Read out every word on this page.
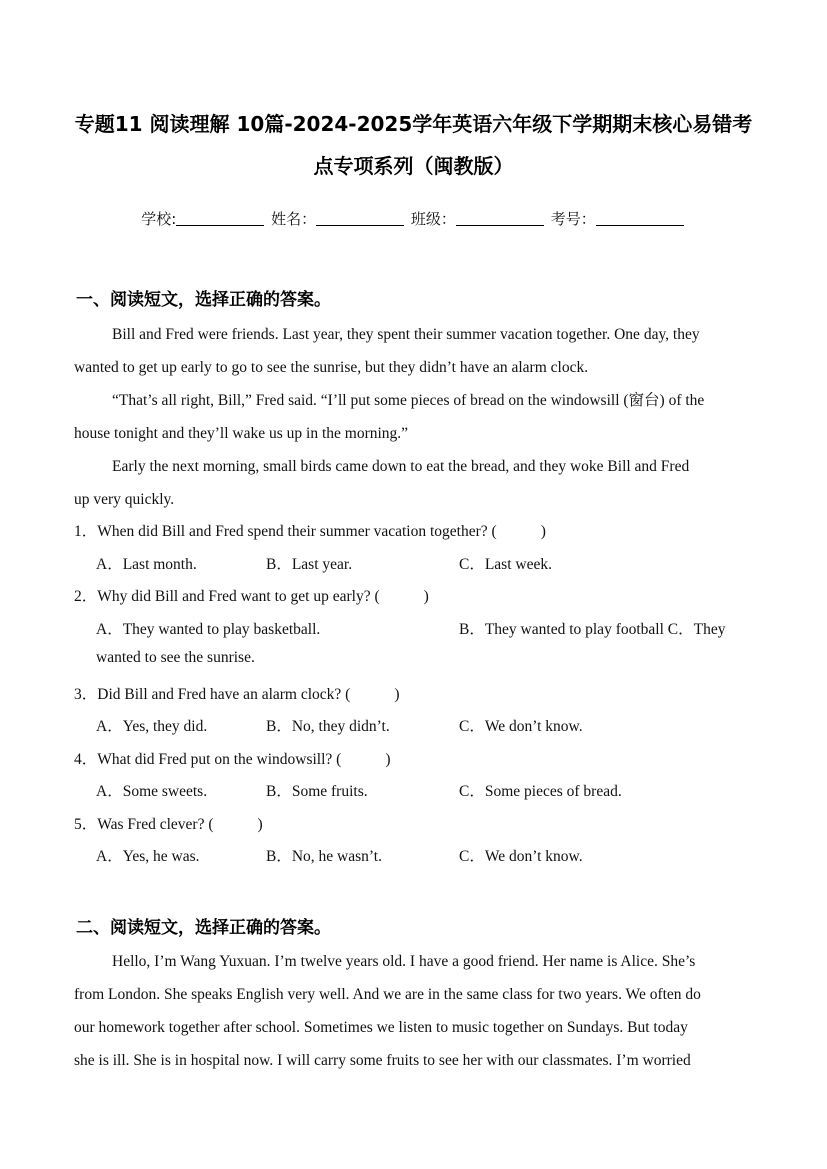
专题11 阅读理解 10篇-2024-2025学年英语六年级下学期期末核心易错考
点专项系列（闽教版）
学校:	姓名：	班级：	考号：
一、阅读短文，选择正确的答案。
Bill and Fred were friends. Last year, they spent their summer vacation together. One day, they
wanted to get up early to go to see the sunrise, but they didn’t have an alarm clock.
“That’s all right, Bill,” Fred said. “I’ll put some pieces of bread on the windowsill (窗台) of the
house tonight and they’ll wake us up in the morning.”
Early the next morning, small birds came down to eat the bread, and they woke Bill and Fred
up very quickly.
1．When did Bill and Fred spend their summer vacation together? (	)
A．Last month.	B．Last year.	C．Last week.
2．Why did Bill and Fred want to get up early? (	)
A．They wanted to play basketball.	B．They wanted to play football C．They
wanted to see the sunrise.
3．Did Bill and Fred have an alarm clock? (	)
A．Yes, they did.	B．No, they didn’t.	C．We don’t know.
4．What did Fred put on the windowsill? (	)
A．Some sweets.	B．Some fruits.	C．Some pieces of bread.
5．Was Fred clever? (	)
A．Yes, he was.	B．No, he wasn’t.	C．We don’t know.
二、阅读短文，选择正确的答案。
Hello, I’m Wang Yuxuan. I’m twelve years old. I have a good friend. Her name is Alice. She’s
from London. She speaks English very well. And we are in the same class for two years. We often do
our homework together after school. Sometimes we listen to music together on Sundays. But today
she is ill. She is in hospital now. I will carry some fruits to see her with our classmates. I’m worried
